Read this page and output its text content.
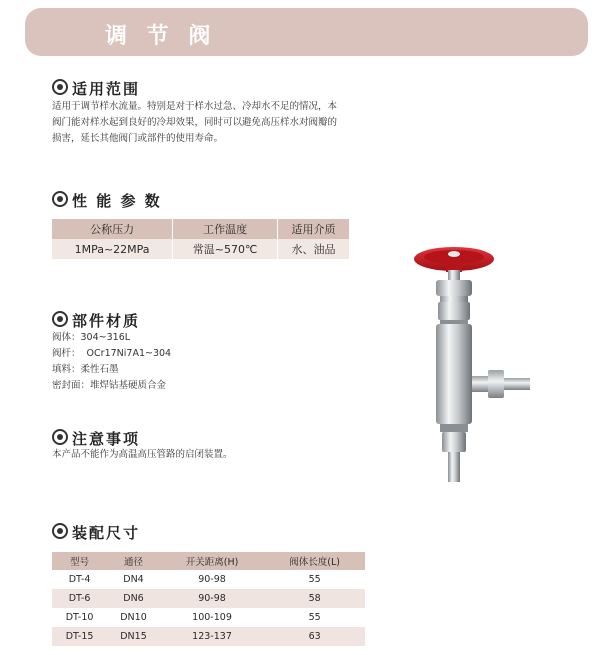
调 节 阀
适用范围
适用于调节样水流量。特别是对于样水过急、冷却水不足的情况，本
阀门能对样水起到良好的冷却效果，同时可以避免高压样水对阀瓣的
损害，延长其他阀门或部件的使用寿命。
性 能 参 数
公称压力	工作温度	适用介质
1MPa~22MPa	常温~570℃	水、油品
部件材质
阀体：304~316L
阀杆：  OCr17Ni7A1~304
填料：柔性石墨
密封面：堆焊钴基硬质合金
注意事项
本产品不能作为高温高压管路的启闭装置。
装配尺寸
型号	通径	开关距离(H)	阀体长度(L)
DT-4	DN4	90-98	55
DT-6	DN6	90-98	58
DT-10	DN10	100-109	55
DT-15	DN15	123-137	63
